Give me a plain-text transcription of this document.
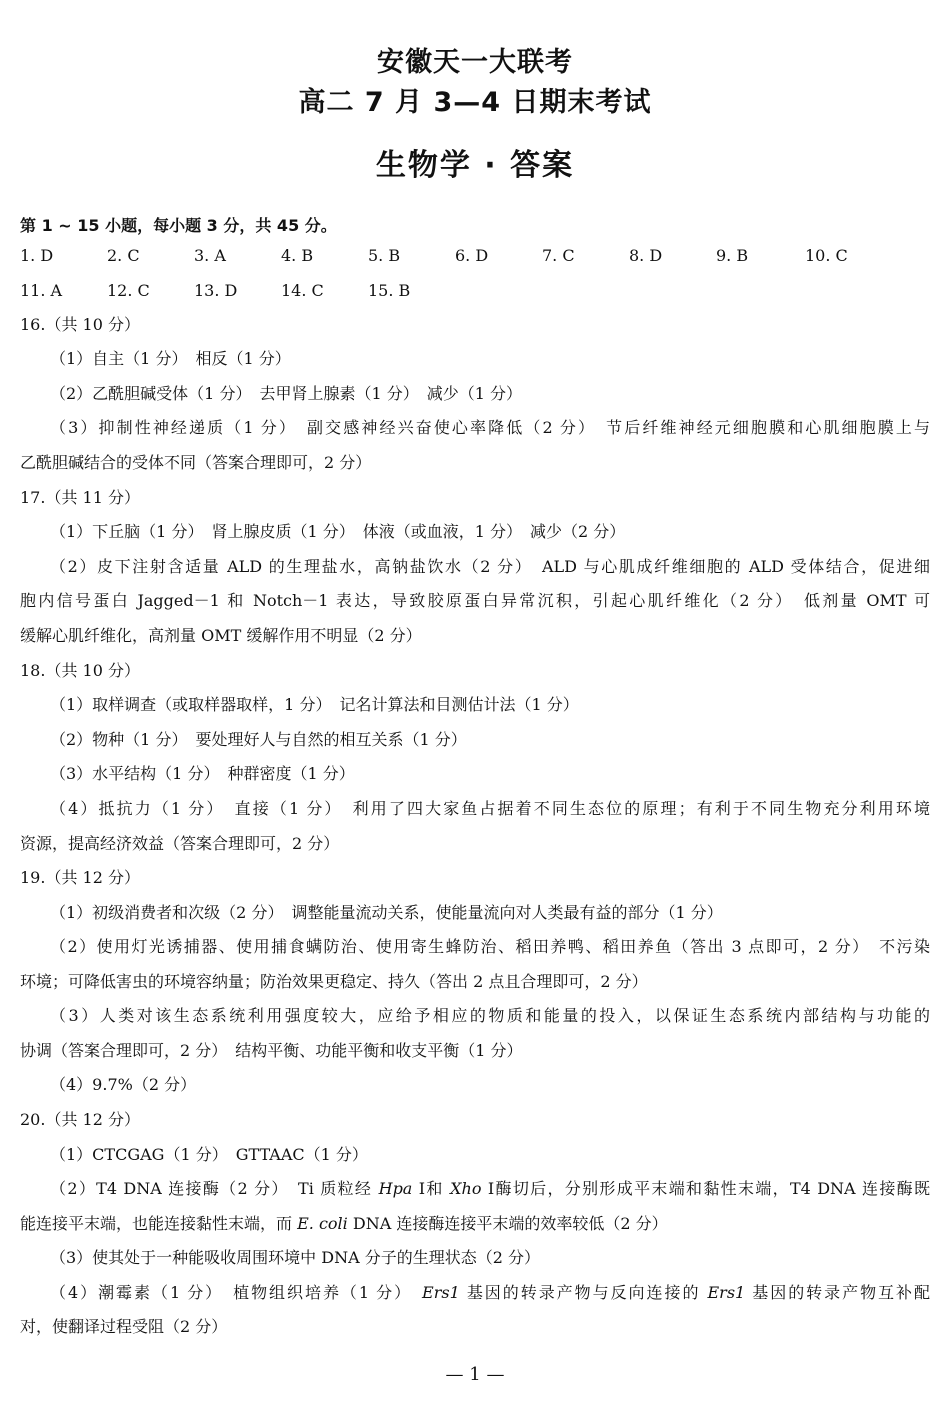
安徽天一大联考
高二 7 月 3—4 日期末考试
生物学 · 答案
第 1 ~ 15 小题，每小题 3 分，共 45 分。
1. D	2. C	3. A	4. B	5. B	6. D	7. C	8. D	9. B	10. C
11. A	12. C	13. D	14. C	15. B
16.（共 10 分）
（1）自主（1 分）　相反（1 分）
（2）乙酰胆碱受体（1 分）　去甲肾上腺素（1 分）　减少（1 分）
（3）抑制性神经递质（1 分）　副交感神经兴奋使心率降低（2 分）　节后纤维神经元细胞膜和心肌细胞膜上与
乙酰胆碱结合的受体不同（答案合理即可，2 分）
17.（共 11 分）
（1）下丘脑（1 分）　肾上腺皮质（1 分）　体液（或血液，1 分）　减少（2 分）
（2）皮下注射含适量 ALD 的生理盐水，高钠盐饮水（2 分）　ALD 与心肌成纤维细胞的 ALD 受体结合，促进细
胞内信号蛋白 Jagged－1 和 Notch－1 表达，导致胶原蛋白异常沉积，引起心肌纤维化（2 分）　低剂量 OMT 可
缓解心肌纤维化，高剂量 OMT 缓解作用不明显（2 分）
18.（共 10 分）
（1）取样调查（或取样器取样，1 分）　记名计算法和目测估计法（1 分）
（2）物种（1 分）　要处理好人与自然的相互关系（1 分）
（3）水平结构（1 分）　种群密度（1 分）
（4）抵抗力（1 分）　直接（1 分）　利用了四大家鱼占据着不同生态位的原理；有利于不同生物充分利用环境
资源，提高经济效益（答案合理即可，2 分）
19.（共 12 分）
（1）初级消费者和次级（2 分）　调整能量流动关系，使能量流向对人类最有益的部分（1 分）
（2）使用灯光诱捕器、使用捕食螨防治、使用寄生蜂防治、稻田养鸭、稻田养鱼（答出 3 点即可，2 分）　不污染
环境；可降低害虫的环境容纳量；防治效果更稳定、持久（答出 2 点且合理即可，2 分）
（3）人类对该生态系统利用强度较大，应给予相应的物质和能量的投入，以保证生态系统内部结构与功能的
协调（答案合理即可，2 分）　结构平衡、功能平衡和收支平衡（1 分）
（4）9.7%（2 分）
20.（共 12 分）
（1）CTCGAG（1 分）　GTTAAC（1 分）
（2）T4 DNA 连接酶（2 分）　Ti 质粒经 Hpa Ⅰ和 Xho Ⅰ酶切后，分别形成平末端和黏性末端，T4 DNA 连接酶既
能连接平末端，也能连接黏性末端，而 E. coli DNA 连接酶连接平末端的效率较低（2 分）
（3）使其处于一种能吸收周围环境中 DNA 分子的生理状态（2 分）
（4）潮霉素（1 分）　植物组织培养（1 分）　Ers1 基因的转录产物与反向连接的 Ers1 基因的转录产物互补配
对，使翻译过程受阻（2 分）
— 1 —
